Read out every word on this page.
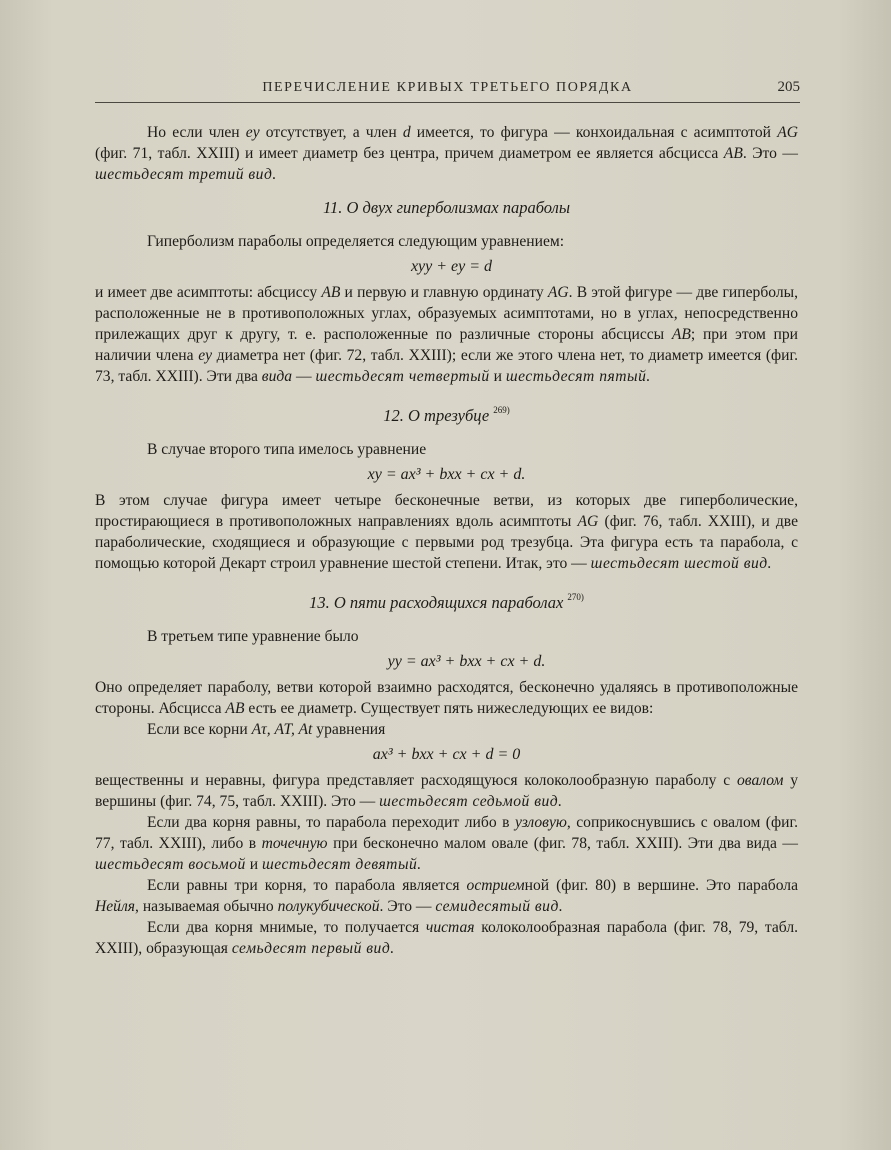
ПЕРЕЧИСЛЕНИЕ КРИВЫХ ТРЕТЬЕГО ПОРЯДКА	205

Но если член ey отсутствует, а член d имеется, то фигура — конхоидальная с асимптотой AG (фиг. 71, табл. XXIII) и имеет диаметр без центра, причем диаметром ее является абсцисса AB. Это — шестьдесят третий вид.

11. О двух гиперболизмах параболы

Гиперболизм параболы определяется следующим уравнением:

xyy + ey = d

и имеет две асимптоты: абсциссу AB и первую и главную ординату AG. В этой фигуре — две гиперболы, расположенные не в противоположных углах, образуемых асимптотами, но в углах, непосредственно прилежащих друг к другу, т. е. расположенные по различные стороны абсциссы AB; при этом при наличии члена ey диаметра нет (фиг. 72, табл. XXIII); если же этого члена нет, то диаметр имеется (фиг. 73, табл. XXIII). Эти два вида — шестьдесят четвертый и шестьдесят пятый.

12. О трезубце $^{269)}$

В случае второго типа имелось уравнение

xy = ax³ + bxx + cx + d.

В этом случае фигура имеет четыре бесконечные ветви, из которых две гиперболические, простирающиеся в противоположных направлениях вдоль асимптоты AG (фиг. 76, табл. XXIII), и две параболические, сходящиеся и образующие с первыми род трезубца. Эта фигура есть та парабола, с помощью которой Декарт строил уравнение шестой степени. Итак, это — шестьдесят шестой вид.

13. О пяти расходящихся параболах $^{270)}$

В третьем типе уравнение было

yy = ax³ + bxx + cx + d.

Оно определяет параболу, ветви которой взаимно расходятся, бесконечно удаляясь в противоположные стороны. Абсцисса AB есть ее диаметр. Существует пять нижеследующих ее видов:

Если все корни Aτ, AT, At уравнения

ax³ + bxx + cx + d = 0

вещественны и неравны, фигура представляет расходящуюся колоколообразную параболу с овалом у вершины (фиг. 74, 75, табл. XXIII). Это — шестьдесят седьмой вид.

Если два корня равны, то парабола переходит либо в узловую, соприкоснувшись с овалом (фиг. 77, табл. XXIII), либо в точечную при бесконечно малом овале (фиг. 78, табл. XXIII). Эти два вида — шестьдесят восьмой и шестьдесят девятый.

Если равны три корня, то парабола является остриемной (фиг. 80) в вершине. Это парабола Нейля, называемая обычно полукубической. Это — семидесятый вид.

Если два корня мнимые, то получается чистая колоколообразная парабола (фиг. 78, 79, табл. XXIII), образующая семьдесят первый вид.
